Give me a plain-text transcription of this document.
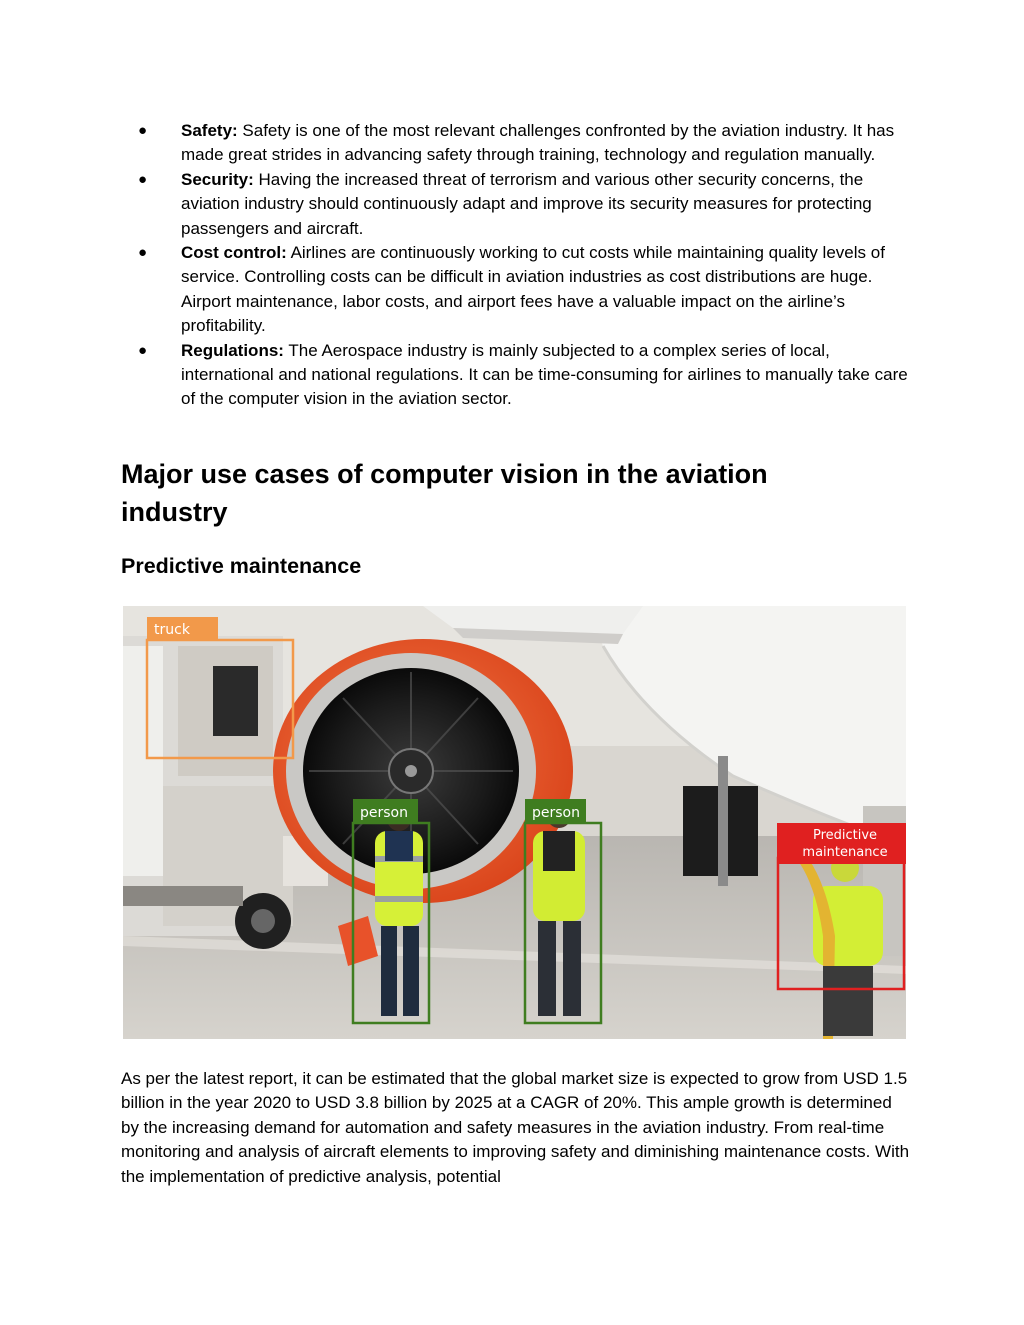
● Safety: Safety is one of the most relevant challenges confronted by the aviation industry. It has made great strides in advancing safety through training, technology and regulation manually.
● Security: Having the increased threat of terrorism and various other security concerns, the aviation industry should continuously adapt and improve its security measures for protecting passengers and aircraft.
● Cost control: Airlines are continuously working to cut costs while maintaining quality levels of service. Controlling costs can be difficult in aviation industries as cost distributions are huge. Airport maintenance, labor costs, and airport fees have a valuable impact on the airline’s profitability.
● Regulations: The Aerospace industry is mainly subjected to a complex series of local, international and national regulations. It can be time-consuming for airlines to manually take care of the computer vision in the aviation sector.
Major use cases of computer vision in the aviation industry
Predictive maintenance
truck
person	person
Predictive
maintenance

As per the latest report, it can be estimated that the global market size is expected to grow from USD 1.5 billion in the year 2020 to USD 3.8 billion by 2025 at a CAGR of 20%. This ample growth is determined by the increasing demand for automation and safety measures in the aviation industry. From real-time monitoring and analysis of aircraft elements to improving safety and diminishing maintenance costs. With the implementation of predictive analysis, potential
